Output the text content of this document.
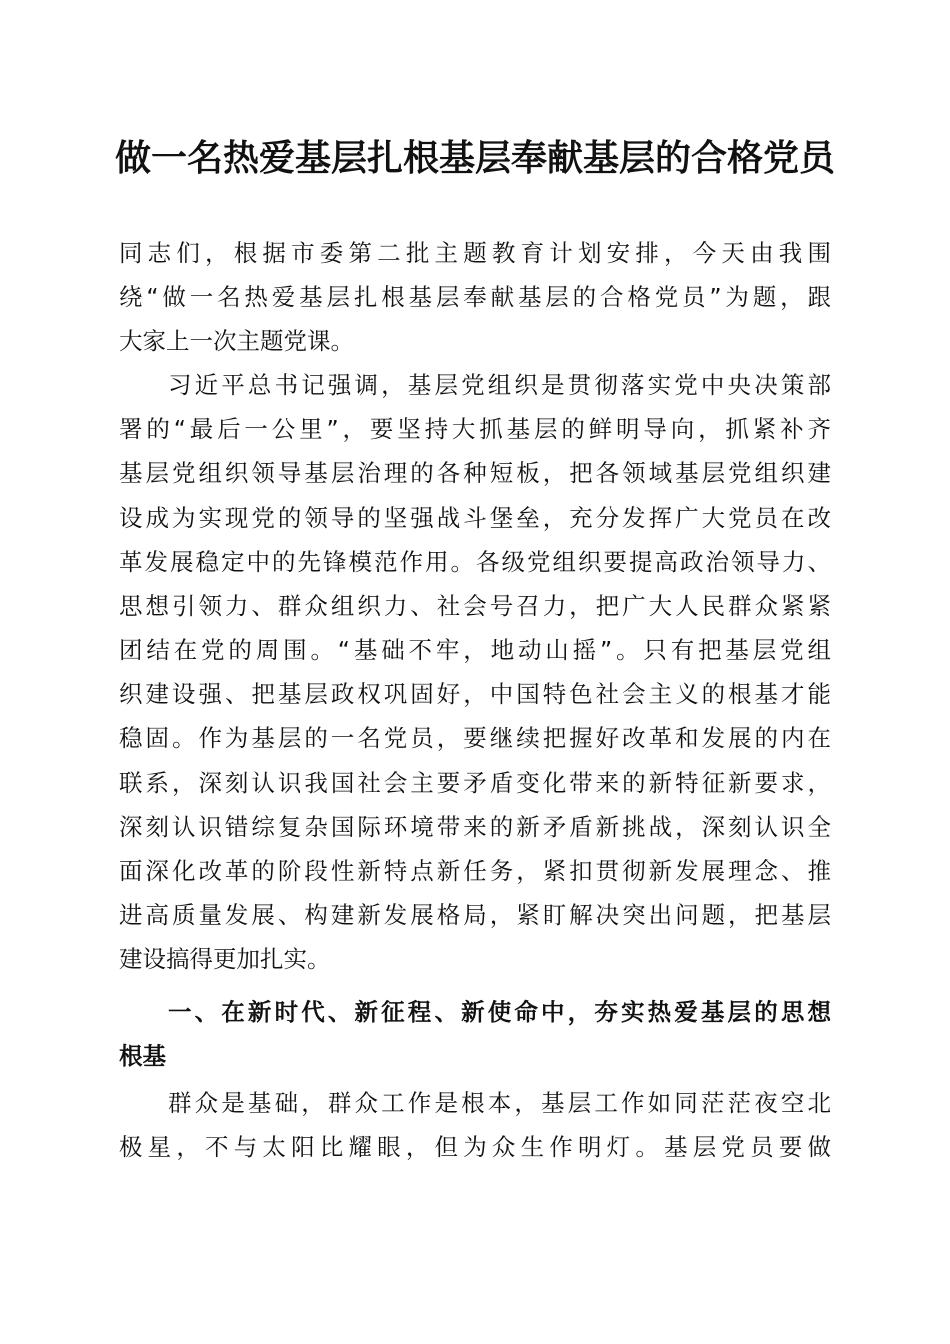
做一名热爱基层扎根基层奉献基层的合格党员

同志们，根据市委第二批主题教育计划安排，今天由我围

绕“做一名热爱基层扎根基层奉献基层的合格党员”为题，跟

大家上一次主题党课。

习近平总书记强调，基层党组织是贯彻落实党中央决策部

署的“最后一公里”，要坚持大抓基层的鲜明导向，抓紧补齐

基层党组织领导基层治理的各种短板，把各领域基层党组织建

设成为实现党的领导的坚强战斗堡垒，充分发挥广大党员在改

革发展稳定中的先锋模范作用。各级党组织要提高政治领导力、

思想引领力、群众组织力、社会号召力，把广大人民群众紧紧

团结在党的周围。“基础不牢，地动山摇”。只有把基层党组

织建设强、把基层政权巩固好，中国特色社会主义的根基才能

稳固。作为基层的一名党员，要继续把握好改革和发展的内在

联系，深刻认识我国社会主要矛盾变化带来的新特征新要求，

深刻认识错综复杂国际环境带来的新矛盾新挑战，深刻认识全

面深化改革的阶段性新特点新任务，紧扣贯彻新发展理念、推

进高质量发展、构建新发展格局，紧盯解决突出问题，把基层

建设搞得更加扎实。

一、在新时代、新征程、新使命中，夯实热爱基层的思想

根基

群众是基础，群众工作是根本，基层工作如同茫茫夜空北

极星，不与太阳比耀眼，但为众生作明灯。基层党员要做
